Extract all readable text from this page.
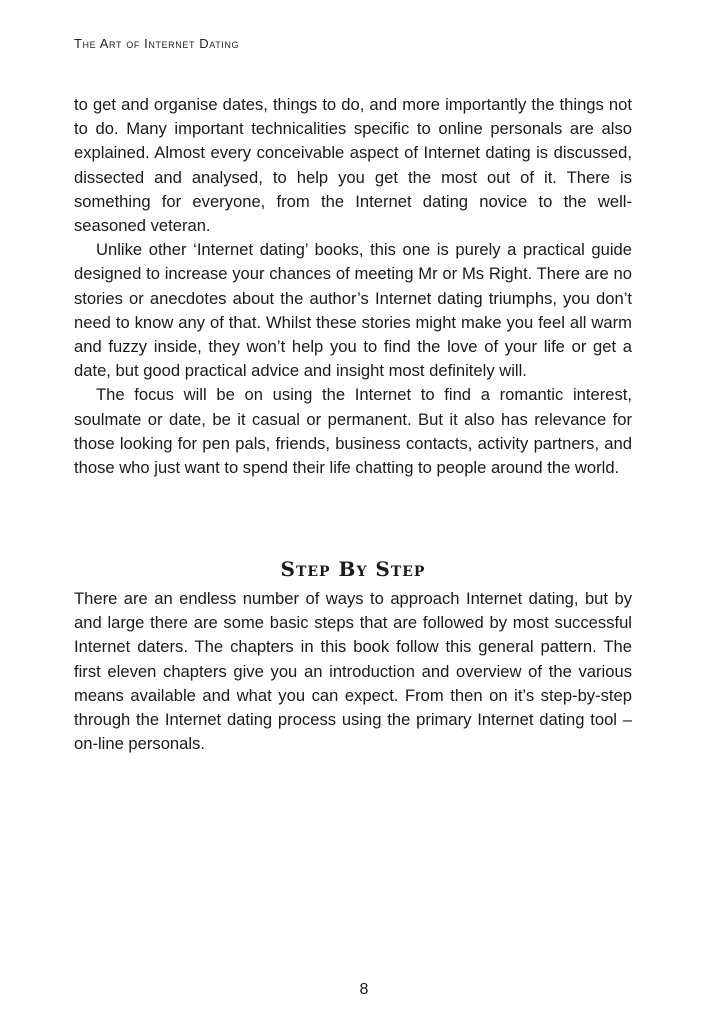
The Art of Internet Dating

to get and organise dates, things to do, and more importantly the things not to do. Many important technicalities specific to online personals are also explained. Almost every conceivable aspect of Internet dating is discussed, dissected and analysed, to help you get the most out of it. There is something for everyone, from the Internet dating novice to the well-seasoned veteran.

Unlike other ‘Internet dating’ books, this one is purely a practical guide designed to increase your chances of meeting Mr or Ms Right. There are no stories or anecdotes about the author’s Internet dating triumphs, you don’t need to know any of that. Whilst these stories might make you feel all warm and fuzzy inside, they won’t help you to find the love of your life or get a date, but good practical advice and insight most definitely will.

The focus will be on using the Internet to find a romantic interest, soulmate or date, be it casual or permanent. But it also has relevance for those looking for pen pals, friends, business contacts, activity partners, and those who just want to spend their life chatting to people around the world.

Step By Step

There are an endless number of ways to approach Internet dating, but by and large there are some basic steps that are followed by most successful Internet daters. The chapters in this book follow this general pattern. The first eleven chapters give you an introduction and overview of the various means available and what you can expect. From then on it’s step-by-step through the Internet dating process using the primary Internet dating tool – on-line personals.

8
